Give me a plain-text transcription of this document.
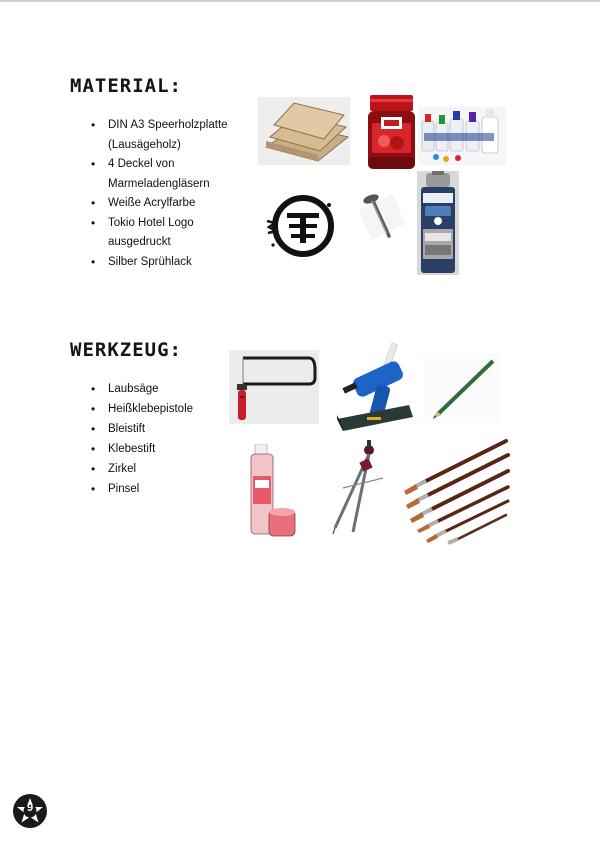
MATERIAL:
• DIN A3 Speerholzplatte
(Lausägeholz)
• 4 Deckel von
Marmeladengläsern
• Weiße Acrylfarbe
• Tokio Hotel Logo
ausgedruckt
• Silber Sprühlack
WERKZEUG:
• Laubsäge
• Heißklebepistole
• Bleistift
• Klebestift
• Zirkel
• Pinsel
9
